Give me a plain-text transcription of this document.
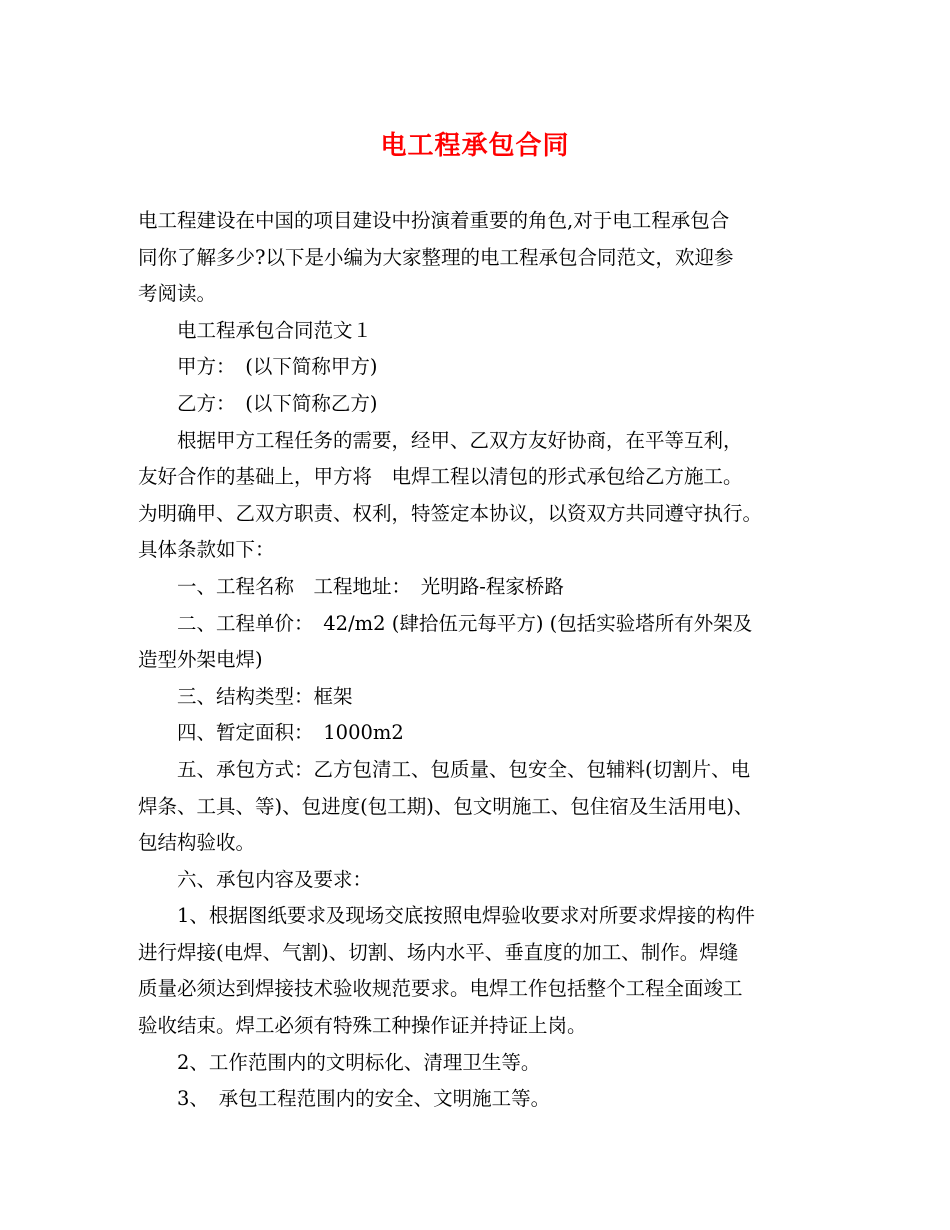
电工程承包合同
电工程建设在中国的项目建设中扮演着重要的角色,对于电工程承包合
同你了解多少?以下是小编为大家整理的电工程承包合同范文，欢迎参
考阅读。
　　电工程承包合同范文１
　　甲方：　(以下简称甲方)
　　乙方：　(以下简称乙方)
　　根据甲方工程任务的需要，经甲、乙双方友好协商，在平等互利，
友好合作的基础上，甲方将　电焊工程以清包的形式承包给乙方施工。
为明确甲、乙双方职责、权利，特签定本协议，以资双方共同遵守执行。
具体条款如下：
　　一、工程名称　工程地址：　光明路-程家桥路
　　二、工程单价：　42/m2 (肆拾伍元每平方) (包括实验塔所有外架及
造型外架电焊)
　　三、结构类型：框架
　　四、暂定面积：　1000m2
　　五、承包方式：乙方包清工、包质量、包安全、包辅料(切割片、电
焊条、工具、等)、包进度(包工期)、包文明施工、包住宿及生活用电)、
包结构验收。
　　六、承包内容及要求：
　　1、根据图纸要求及现场交底按照电焊验收要求对所要求焊接的构件
进行焊接(电焊、气割)、切割、场内水平、垂直度的加工、制作。焊缝
质量必须达到焊接技术验收规范要求。电焊工作包括整个工程全面竣工
验收结束。焊工必须有特殊工种操作证并持证上岗。
　　2、工作范围内的文明标化、清理卫生等。
　　3、　承包工程范围内的安全、文明施工等。
